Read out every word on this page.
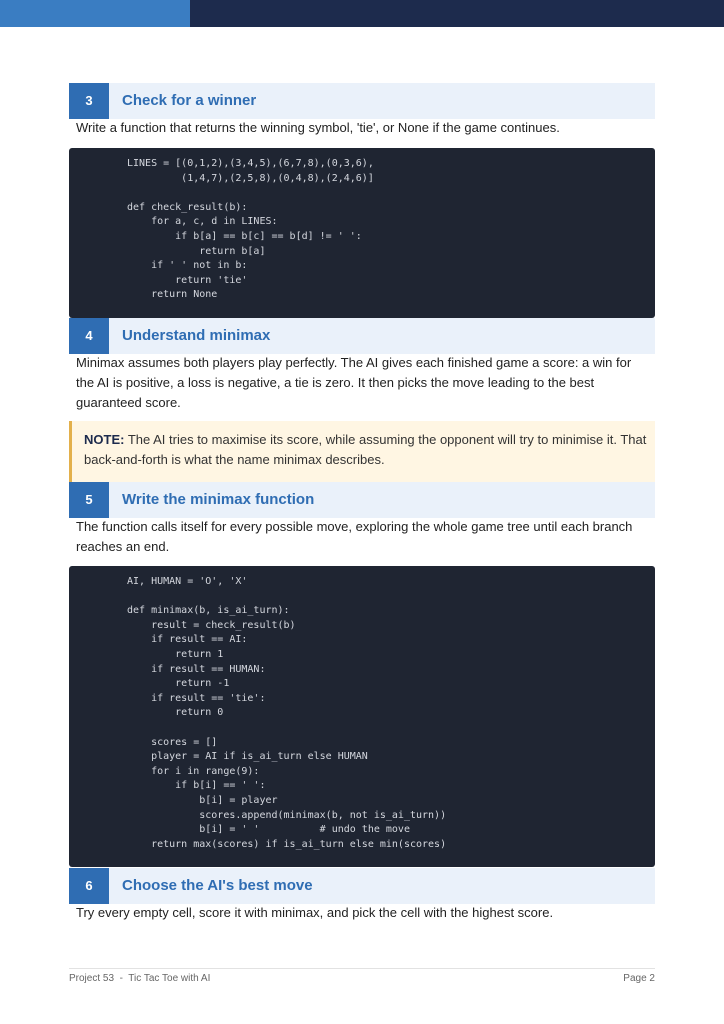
3	Check for a winner
Write a function that returns the winning symbol, 'tie', or None if the game continues.
LINES = [(0,1,2),(3,4,5),(6,7,8),(0,3,6),
(1,4,7),(2,5,8),(0,4,8),(2,4,6)]

def check_result(b):
for a, c, d in LINES:
if b[a] == b[c] == b[d] != ' ':
return b[a]
if ' ' not in b:
return 'tie'
return None
4	Understand minimax
Minimax assumes both players play perfectly. The AI gives each finished game a score: a win for the AI is positive, a loss is negative, a tie is zero. It then picks the move leading to the best guaranteed score.
NOTE: The AI tries to maximise its score, while assuming the opponent will try to minimise it. That back-and-forth is what the name minimax describes.
5	Write the minimax function
The function calls itself for every possible move, exploring the whole game tree until each branch reaches an end.
AI, HUMAN = 'O', 'X'

def minimax(b, is_ai_turn):
result = check_result(b)
if result == AI:
return 1
if result == HUMAN:
return -1
if result == 'tie':
return 0

scores = []
player = AI if is_ai_turn else HUMAN
for i in range(9):
if b[i] == ' ':
b[i] = player
scores.append(minimax(b, not is_ai_turn))
b[i] = ' '          # undo the move
return max(scores) if is_ai_turn else min(scores)
6	Choose the AI's best move
Try every empty cell, score it with minimax, and pick the cell with the highest score.
Project 53  -  Tic Tac Toe with AI	Page 2
